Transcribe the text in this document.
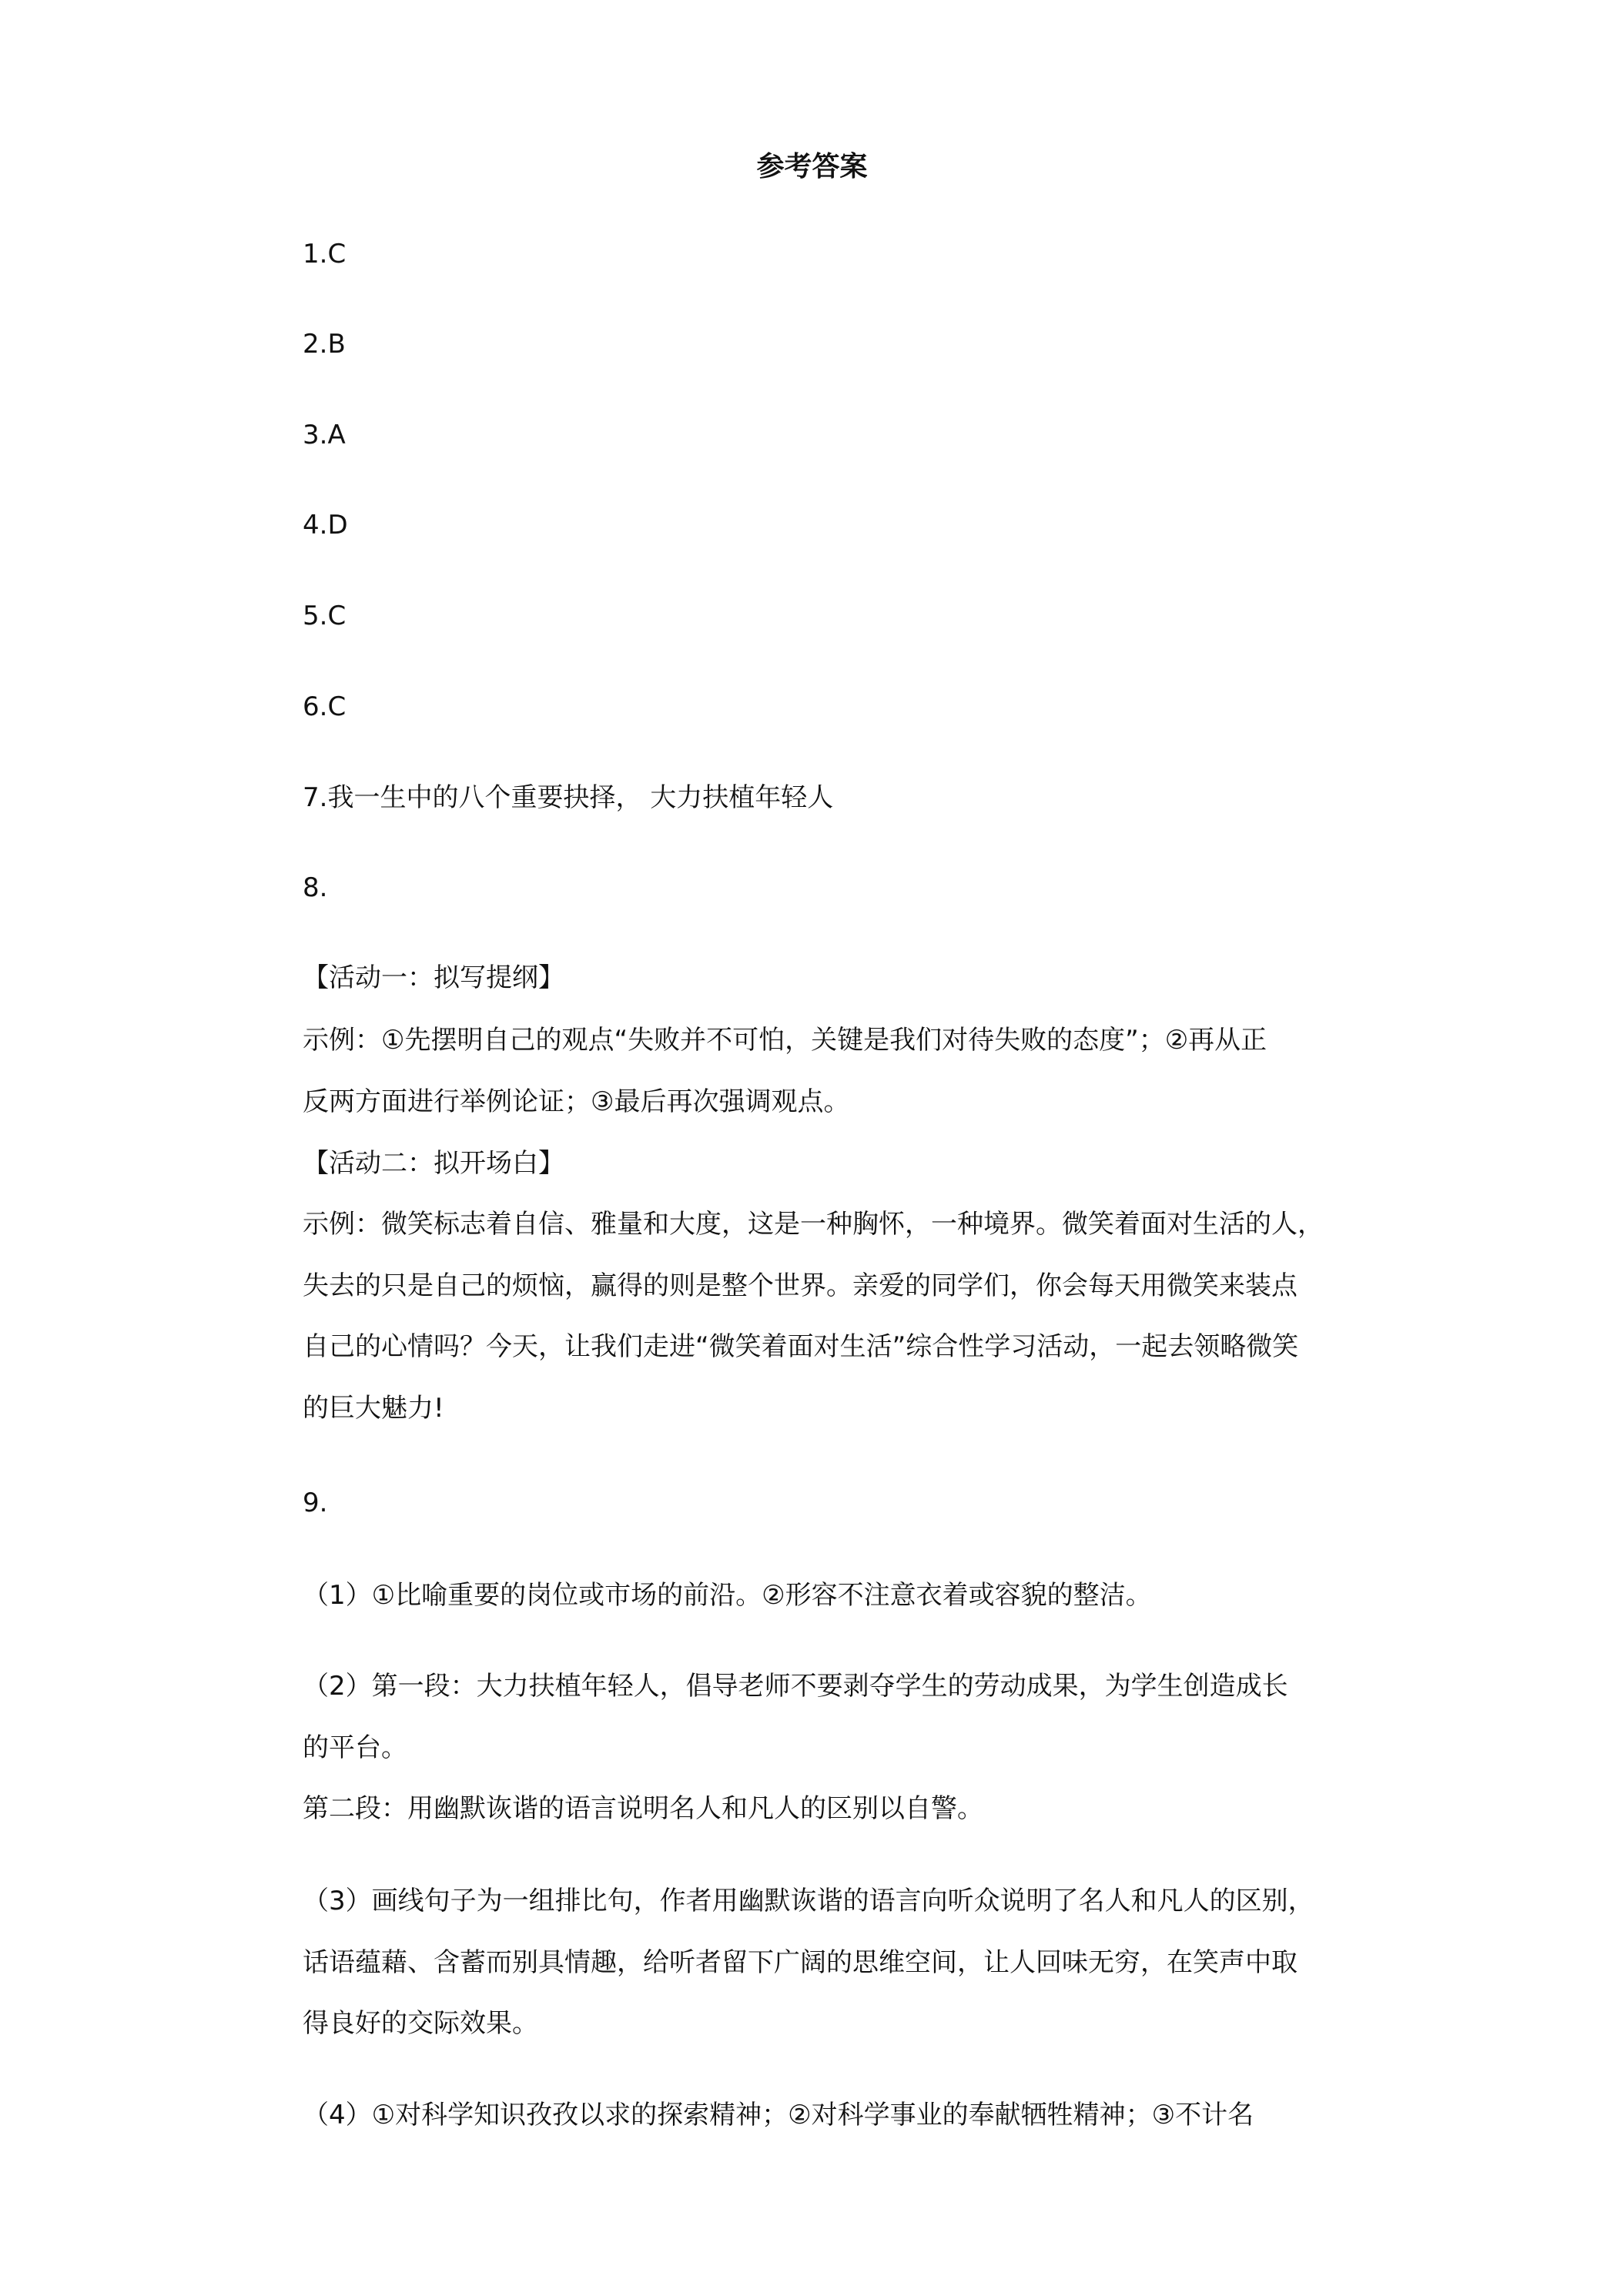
参考答案
1.C
2.B
3.A
4.D
5.C
6.C
7.我一生中的八个重要抉择， 大力扶植年轻人
8.
【活动一：拟写提纲】
示例：①先摆明自己的观点“失败并不可怕，关键是我们对待失败的态度”；②再从正
反两方面进行举例论证；③最后再次强调观点。
【活动二：拟开场白】
示例：微笑标志着自信、雅量和大度，这是一种胸怀，一种境界。微笑着面对生活的人，
失去的只是自己的烦恼，赢得的则是整个世界。亲爱的同学们，你会每天用微笑来装点
自己的心情吗？今天，让我们走进“微笑着面对生活”综合性学习活动，一起去领略微笑
的巨大魅力!
9.
（1）①比喻重要的岗位或市场的前沿。②形容不注意衣着或容貌的整洁。
（2）第一段：大力扶植年轻人，倡导老师不要剥夺学生的劳动成果，为学生创造成长
的平台。
第二段：用幽默诙谐的语言说明名人和凡人的区别以自警。
（3）画线句子为一组排比句，作者用幽默诙谐的语言向听众说明了名人和凡人的区别，
话语蕴藉、含蓄而别具情趣，给听者留下广阔的思维空间，让人回味无穷，在笑声中取
得良好的交际效果。
（4）①对科学知识孜孜以求的探索精神；②对科学事业的奉献牺牲精神；③不计名
